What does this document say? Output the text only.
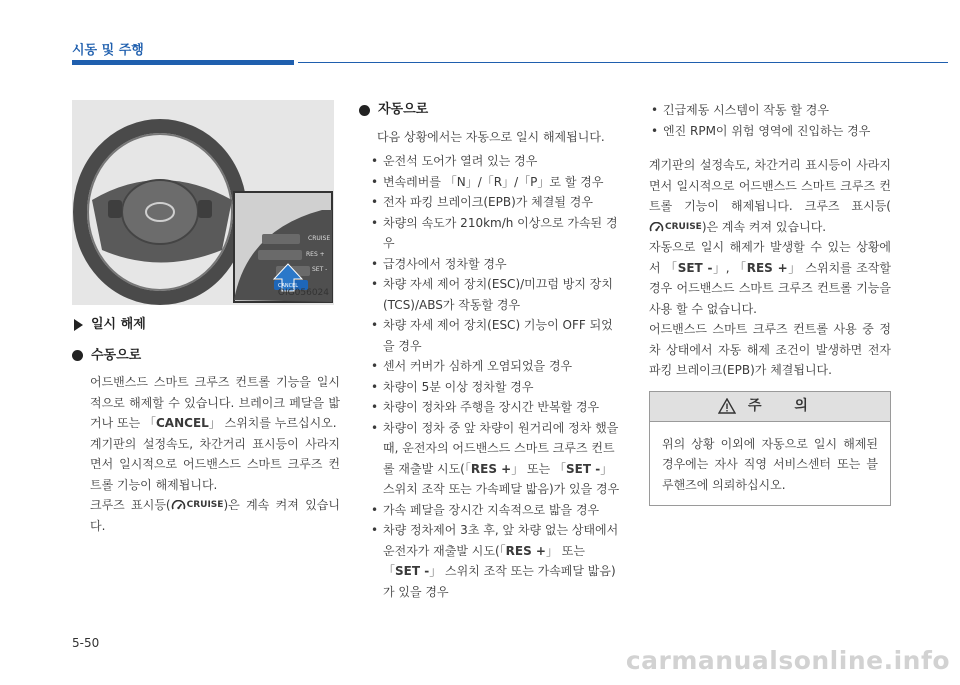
시동 및 주행
CRUISE
RES +
SET -
CANCEL
OIG056024
일시 해제
수동으로

어드밴스드 스마트 크루즈 컨트롤 기능을 일시적으로 해제할 수 있습니다. 브레이크 페달을 밟거나 또는 「CANCEL」 스위치를 누르십시오.

계기판의 설정속도, 차간거리 표시등이 사라지면서 일시적으로 어드밴스드 스마트 크루즈 컨트롤 기능이 해제됩니다.

크루즈 표시등( CRUISE )은 계속 켜져 있습니다.

자동으로

다음 상황에서는 자동으로 일시 해제됩니다.

• 운전석 도어가 열려 있는 경우
• 변속레버를 「N」/「R」/「P」로 할 경우
• 전자 파킹 브레이크(EPB)가 체결될 경우
• 차량의 속도가 210km/h 이상으로 가속된 경우
• 급경사에서 정차할 경우
• 차량 자세 제어 장치(ESC)/미끄럼 방지 장치(TCS)/ABS가 작동할 경우
• 차량 자세 제어 장치(ESC) 기능이 OFF 되었을 경우
• 센서 커버가 심하게 오염되었을 경우
• 차량이 5분 이상 정차할 경우
• 차량이 정차와 주행을 장시간 반복할 경우
• 차량이 정차 중 앞 차량이 원거리에 정차 했을 때, 운전자의 어드밴스드 스마트 크루즈 컨트롤 재출발 시도(「RES +」 또는 「SET -」 스위치 조작 또는 가속페달 밟음)가 있을 경우
• 가속 페달을 장시간 지속적으로 밟을 경우
• 차량 정차제어 3초 후, 앞 차량 없는 상태에서 운전자가 재출발 시도(「RES +」 또는 「SET -」 스위치 조작 또는 가속페달 밟음)가 있을 경우
• 긴급제동 시스템이 작동 할 경우
• 엔진 RPM이 위험 영역에 진입하는 경우

계기판의 설정속도, 차간거리 표시등이 사라지면서 일시적으로 어드밴스드 스마트 크루즈 컨트롤 기능이 해제됩니다. 크루즈 표시등(
CRUISE )은 계속 켜져 있습니다.

자동으로 일시 해제가 발생할 수 있는 상황에서 「SET -」, 「RES +」 스위치를 조작할 경우 어드밴스드 스마트 크루즈 컨트롤 기능을 사용 할 수 없습니다.

어드밴스드 스마트 크루즈 컨트롤 사용 중 정차 상태에서 자동 해제 조건이 발생하면 전자 파킹 브레이크(EPB)가 체결됩니다.

주 의
위의 상황 이외에 자동으로 일시 해제된 경우에는 자사 직영 서비스센터 또는 블루핸즈에 의뢰하십시오.
5-50
carmanualsonline.info
